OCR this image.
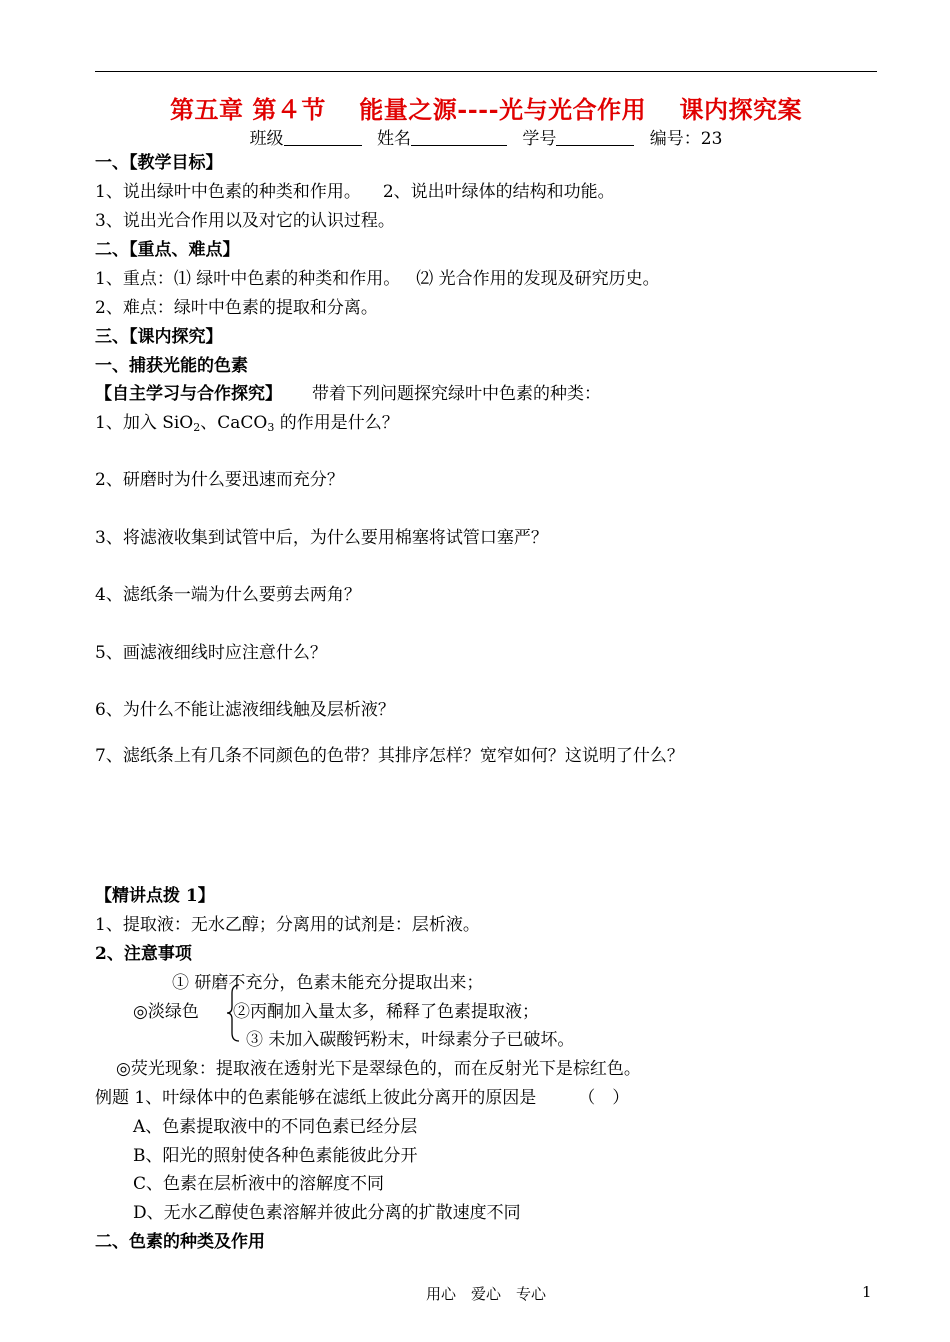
第五章 第４节 　能量之源----光与光合作用　 课内探究案
班级	姓名	学号	编号：23
一、【教学目标】
1、说出绿叶中色素的种类和作用。 2、说出叶绿体的结构和功能。
3、说出光合作用以及对它的认识过程。
二、【重点、难点】
1、重点：⑴ 绿叶中色素的种类和作用。 ⑵ 光合作用的发现及研究历史。
2、难点：绿叶中色素的提取和分离。
三、【课内探究】
一、捕获光能的色素
【自主学习与合作探究】 带着下列问题探究绿叶中色素的种类：
1、加入 SiO$_2$、CaCO$_3$ 的作用是什么？
2、研磨时为什么要迅速而充分？
3、将滤液收集到试管中后，为什么要用棉塞将试管口塞严？
4、滤纸条一端为什么要剪去两角？
5、画滤液细线时应注意什么？
6、为什么不能让滤液细线触及层析液？
7、滤纸条上有几条不同颜色的色带？其排序怎样？宽窄如何？这说明了什么？
【精讲点拨 1】
1、提取液：无水乙醇；分离用的试剂是：层析液。
2、注意事项
① 研磨不充分，色素未能充分提取出来；
◎淡绿色 ②丙酮加入量太多，稀释了色素提取液；
③ 未加入碳酸钙粉末，叶绿素分子已破坏。
◎荧光现象：提取液在透射光下是翠绿色的，而在反射光下是棕红色。
例题 1、叶绿体中的色素能够在滤纸上彼此分离开的原因是 （　）
A、色素提取液中的不同色素已经分层
B、阳光的照射使各种色素能彼此分开
C、色素在层析液中的溶解度不同
D、无水乙醇使色素溶解并彼此分离的扩散速度不同
二、色素的种类及作用
用心　爱心　专心	1
